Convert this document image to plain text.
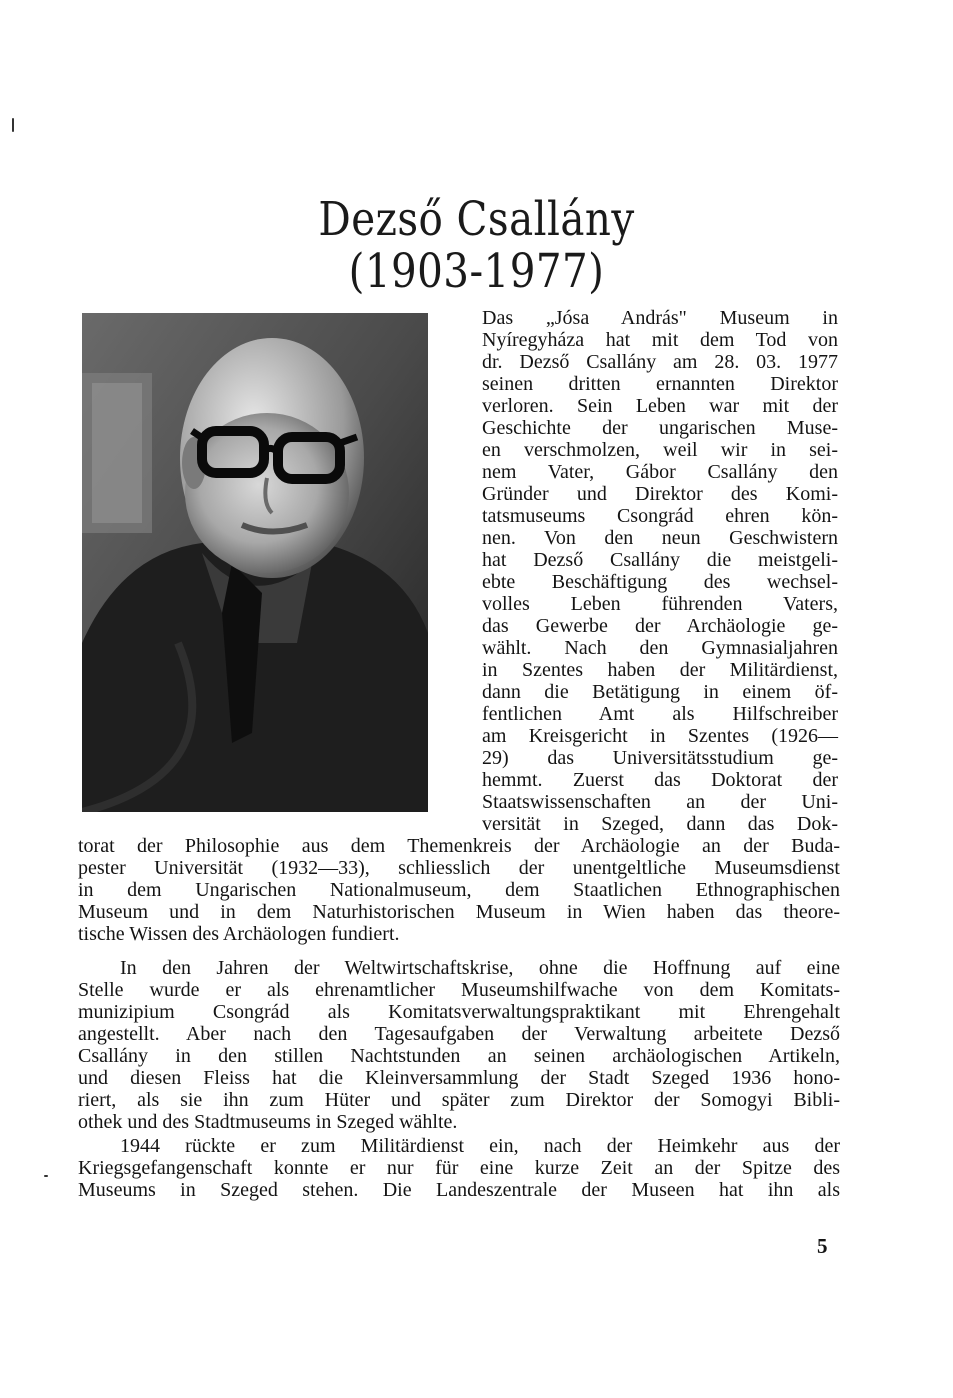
Dezső Csallány
(1903-1977)

Das „Jósa András" Museum in

Nyíregyháza hat mit dem Tod von

dr. Dezső Csallány am 28. 03. 1977

seinen dritten ernannten Direktor

verloren. Sein Leben war mit der

Geschichte der ungarischen Muse-

en verschmolzen, weil wir in sei-

nem Vater, Gábor Csallány den

Gründer und Direktor des Komi-

tatsmuseums Csongrád ehren kön-

nen. Von den neun Geschwistern

hat Dezső Csallány die meistgeli-

ebte Beschäftigung des wechsel-

volles Leben führenden Vaters,

das Gewerbe der Archäologie ge-

wählt. Nach den Gymnasialjahren

in Szentes haben der Militärdienst,

dann die Betätigung in einem öf-

fentlichen Amt als Hilfschreiber

am Kreisgericht in Szentes (1926—

29) das Universitätsstudium ge-

hemmt. Zuerst das Doktorat der

Staatswissenschaften an der Uni-

versität in Szeged, dann das Dok-

torat der Philosophie aus dem Themenkreis der Archäologie an der Buda-

pester Universität (1932—33), schliesslich der unentgeltliche Museumsdienst

in dem Ungarischen Nationalmuseum, dem Staatlichen Ethnographischen

Museum und in dem Naturhistorischen Museum in Wien haben das theore-

tische Wissen des Archäologen fundiert.

In den Jahren der Weltwirtschaftskrise, ohne die Hoffnung auf eine

Stelle wurde er als ehrenamtlicher Museumshilfwache von dem Komitats-

munizipium Csongrád als Komitatsverwaltungspraktikant mit Ehrengehalt

angestellt. Aber nach den Tagesaufgaben der Verwaltung arbeitete Dezső

Csallány in den stillen Nachtstunden an seinen archäologischen Artikeln,

und diesen Fleiss hat die Kleinversammlung der Stadt Szeged 1936 hono-

riert, als sie ihn zum Hüter und später zum Direktor der Somogyi Bibli-

othek und des Stadtmuseums in Szeged wählte.

1944 rückte er zum Militärdienst ein, nach der Heimkehr aus der

Kriegsgefangenschaft konnte er nur für eine kurze Zeit an der Spitze des

Museums in Szeged stehen. Die Landeszentrale der Museen hat ihn als

5
